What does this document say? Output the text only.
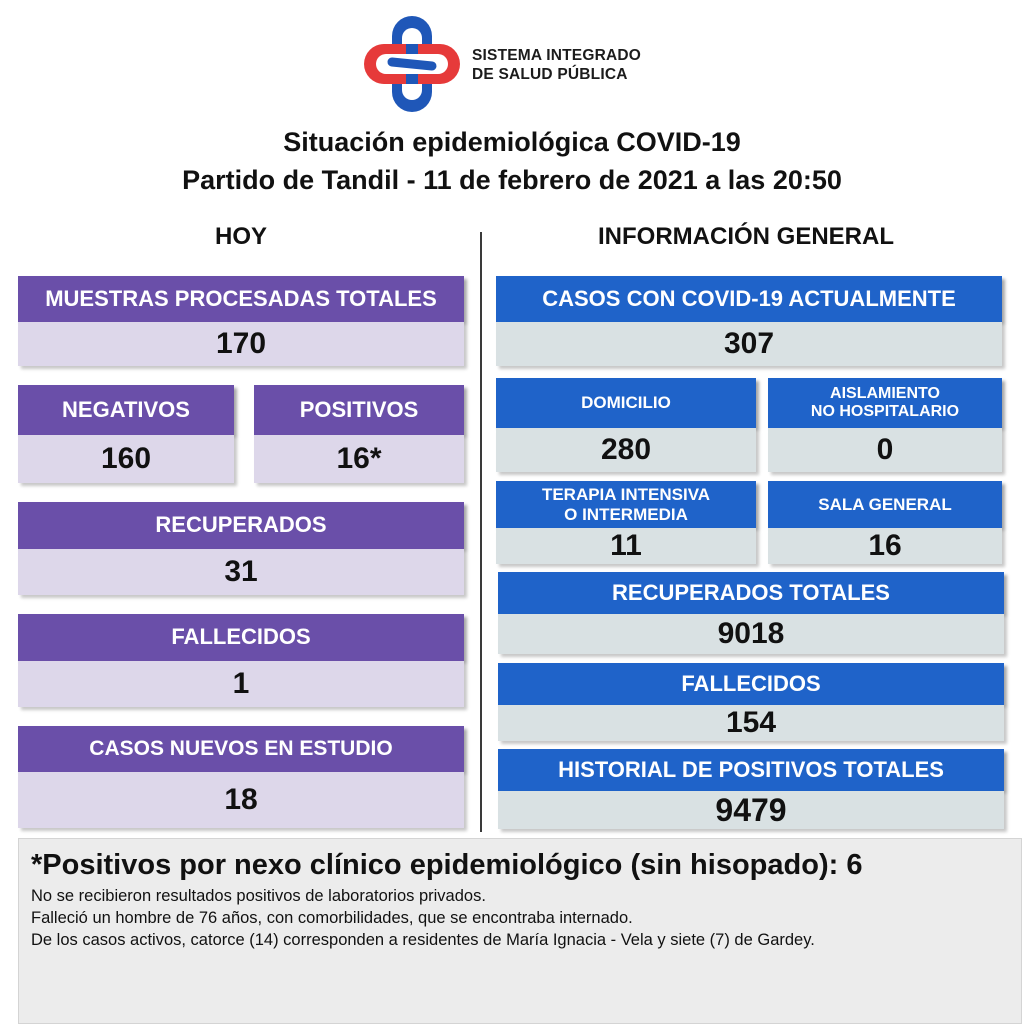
SISTEMA INTEGRADO
DE SALUD PÚBLICA
Situación epidemiológica COVID-19
Partido de Tandil - 11 de febrero de 2021 a las 20:50
HOY	INFORMACIÓN GENERAL
MUESTRAS PROCESADAS TOTALES
170
NEGATIVOS
160
POSITIVOS
16*
RECUPERADOS
31
FALLECIDOS
1
CASOS NUEVOS EN ESTUDIO
18
CASOS CON COVID-19 ACTUALMENTE
307
DOMICILIO
280
AISLAMIENTO
NO HOSPITALARIO
0
TERAPIA INTENSIVA
O INTERMEDIA
11
SALA GENERAL
16
RECUPERADOS TOTALES
9018
FALLECIDOS
154
HISTORIAL DE POSITIVOS TOTALES
9479
*Positivos por nexo clínico epidemiológico (sin hisopado): 6
No se recibieron resultados positivos de laboratorios privados.
Falleció un hombre de 76 años, con comorbilidades, que se encontraba internado.
De los casos activos, catorce (14) corresponden a residentes de María Ignacia - Vela y siete (7) de Gardey.
